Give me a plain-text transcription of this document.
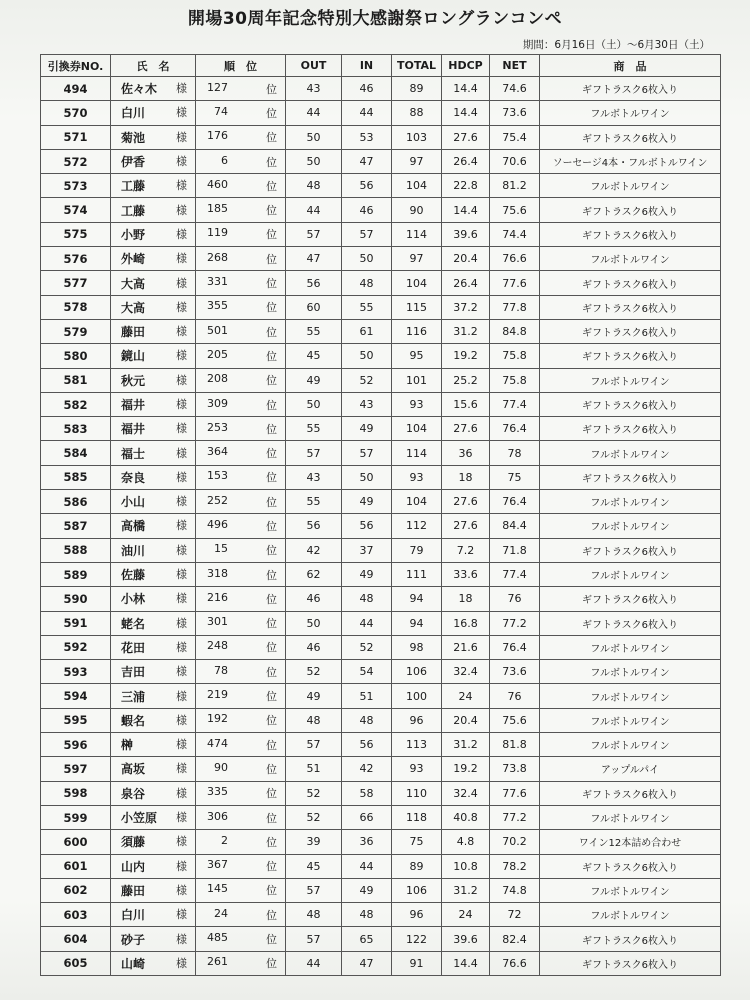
開場30周年記念特別大感謝祭ロングランコンペ
期間：6月16日（土）〜6月30日（土）
引換券NO.	氏　名	順　位	OUT	IN	TOTAL	HDCP	NET	商　品
494	佐々木 様	127 位	43	46	89	14.4	74.6	ギフトラスク6枚入り
570	白川 様	74 位	44	44	88	14.4	73.6	フルボトルワイン
571	菊池 様	176 位	50	53	103	27.6	75.4	ギフトラスク6枚入り
572	伊香 様	6 位	50	47	97	26.4	70.6	ソーセージ4本・フルボトルワイン
573	工藤 様	460 位	48	56	104	22.8	81.2	フルボトルワイン
574	工藤 様	185 位	44	46	90	14.4	75.6	ギフトラスク6枚入り
575	小野 様	119 位	57	57	114	39.6	74.4	ギフトラスク6枚入り
576	外崎 様	268 位	47	50	97	20.4	76.6	フルボトルワイン
577	大高 様	331 位	56	48	104	26.4	77.6	ギフトラスク6枚入り
578	大高 様	355 位	60	55	115	37.2	77.8	ギフトラスク6枚入り
579	藤田 様	501 位	55	61	116	31.2	84.8	ギフトラスク6枚入り
580	鏡山 様	205 位	45	50	95	19.2	75.8	ギフトラスク6枚入り
581	秋元 様	208 位	49	52	101	25.2	75.8	フルボトルワイン
582	福井 様	309 位	50	43	93	15.6	77.4	ギフトラスク6枚入り
583	福井 様	253 位	55	49	104	27.6	76.4	ギフトラスク6枚入り
584	福士 様	364 位	57	57	114	36	78	フルボトルワイン
585	奈良 様	153 位	43	50	93	18	75	ギフトラスク6枚入り
586	小山 様	252 位	55	49	104	27.6	76.4	フルボトルワイン
587	高橋 様	496 位	56	56	112	27.6	84.4	フルボトルワイン
588	油川 様	15 位	42	37	79	7.2	71.8	ギフトラスク6枚入り
589	佐藤 様	318 位	62	49	111	33.6	77.4	フルボトルワイン
590	小林 様	216 位	46	48	94	18	76	ギフトラスク6枚入り
591	蛯名 様	301 位	50	44	94	16.8	77.2	ギフトラスク6枚入り
592	花田 様	248 位	46	52	98	21.6	76.4	フルボトルワイン
593	吉田 様	78 位	52	54	106	32.4	73.6	フルボトルワイン
594	三浦 様	219 位	49	51	100	24	76	フルボトルワイン
595	蝦名 様	192 位	48	48	96	20.4	75.6	フルボトルワイン
596	榊 様	474 位	57	56	113	31.2	81.8	フルボトルワイン
597	高坂 様	90 位	51	42	93	19.2	73.8	アップルパイ
598	泉谷 様	335 位	52	58	110	32.4	77.6	ギフトラスク6枚入り
599	小笠原 様	306 位	52	66	118	40.8	77.2	フルボトルワイン
600	須藤 様	2 位	39	36	75	4.8	70.2	ワイン12本詰め合わせ
601	山内 様	367 位	45	44	89	10.8	78.2	ギフトラスク6枚入り
602	藤田 様	145 位	57	49	106	31.2	74.8	フルボトルワイン
603	白川 様	24 位	48	48	96	24	72	フルボトルワイン
604	砂子 様	485 位	57	65	122	39.6	82.4	ギフトラスク6枚入り
605	山崎 様	261 位	44	47	91	14.4	76.6	ギフトラスク6枚入り
